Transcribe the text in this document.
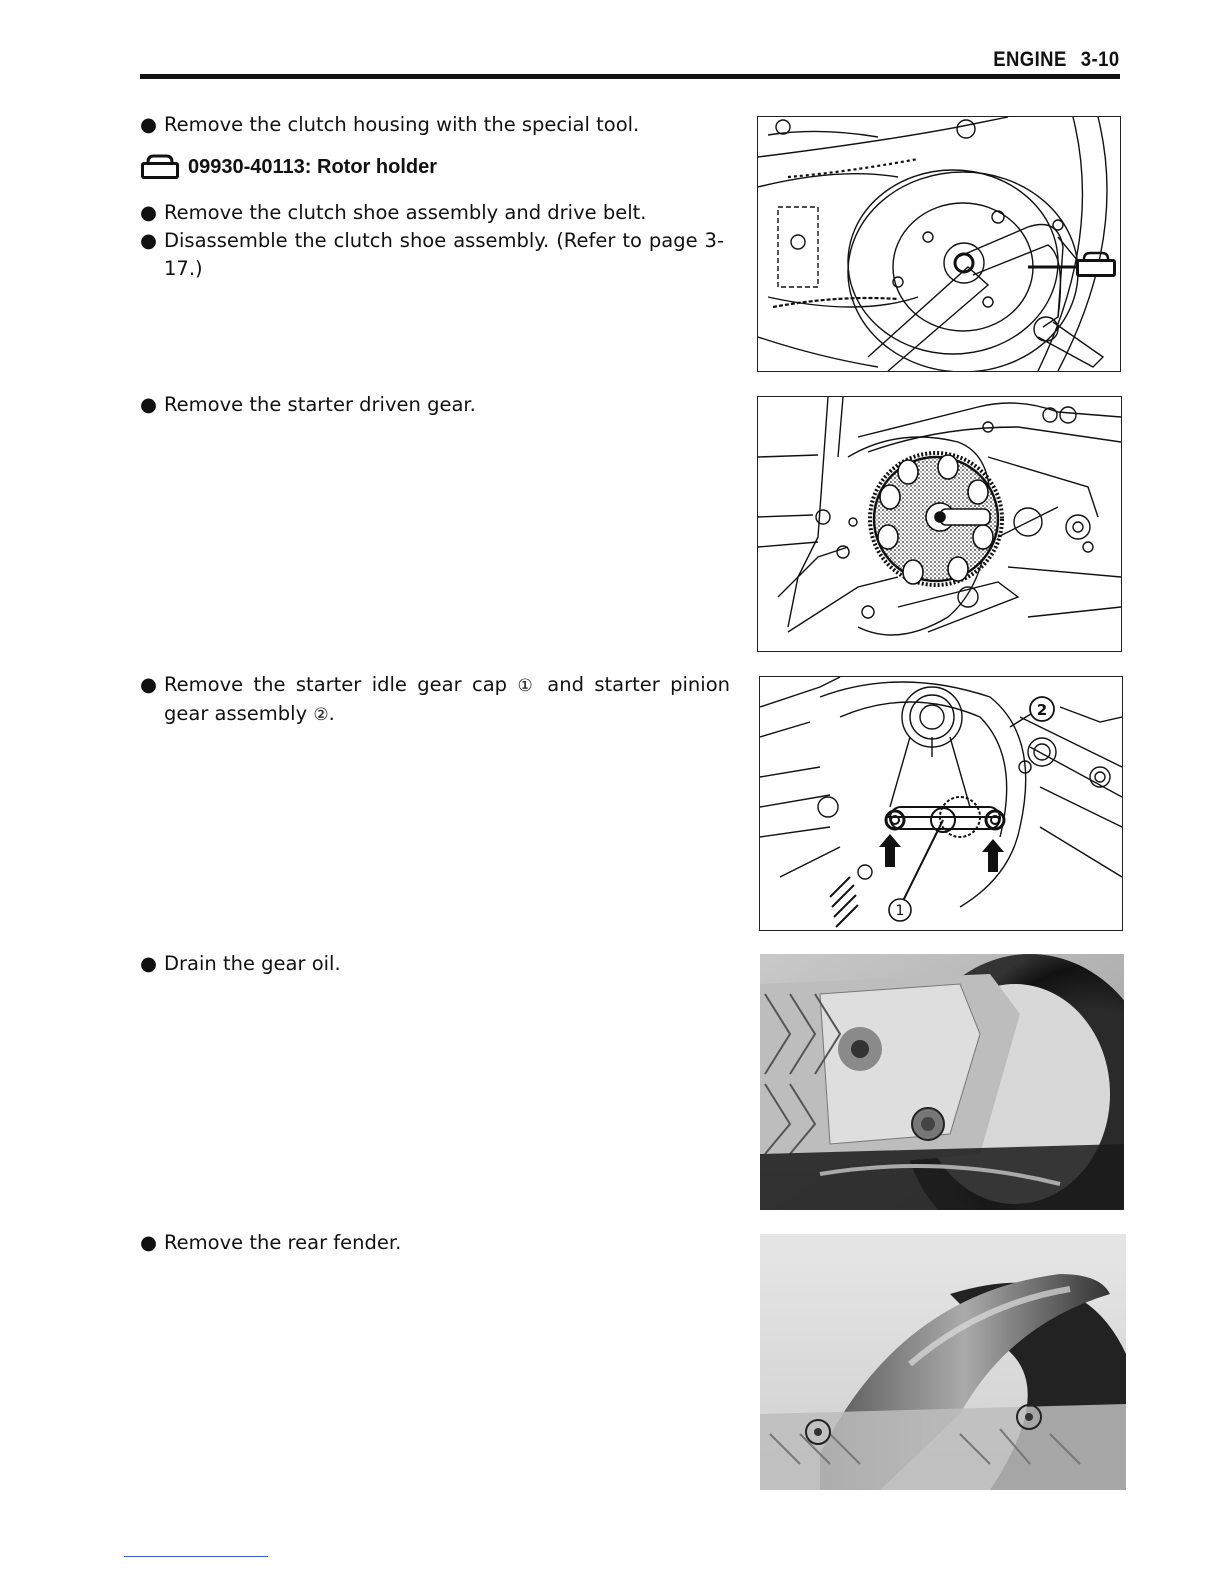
ENGINE 3-10
● Remove the clutch housing with the special tool.
09930-40113 : Rotor holder
● Remove the clutch shoe assembly and drive belt.
● Disassemble the clutch shoe assembly. (Refer to page 3-17.)
● Remove the starter driven gear.
● Remove the starter idle gear cap ① and starter pinion gear assembly ②.
● Drain the gear oil.
● Remove the rear fender.
2
1
